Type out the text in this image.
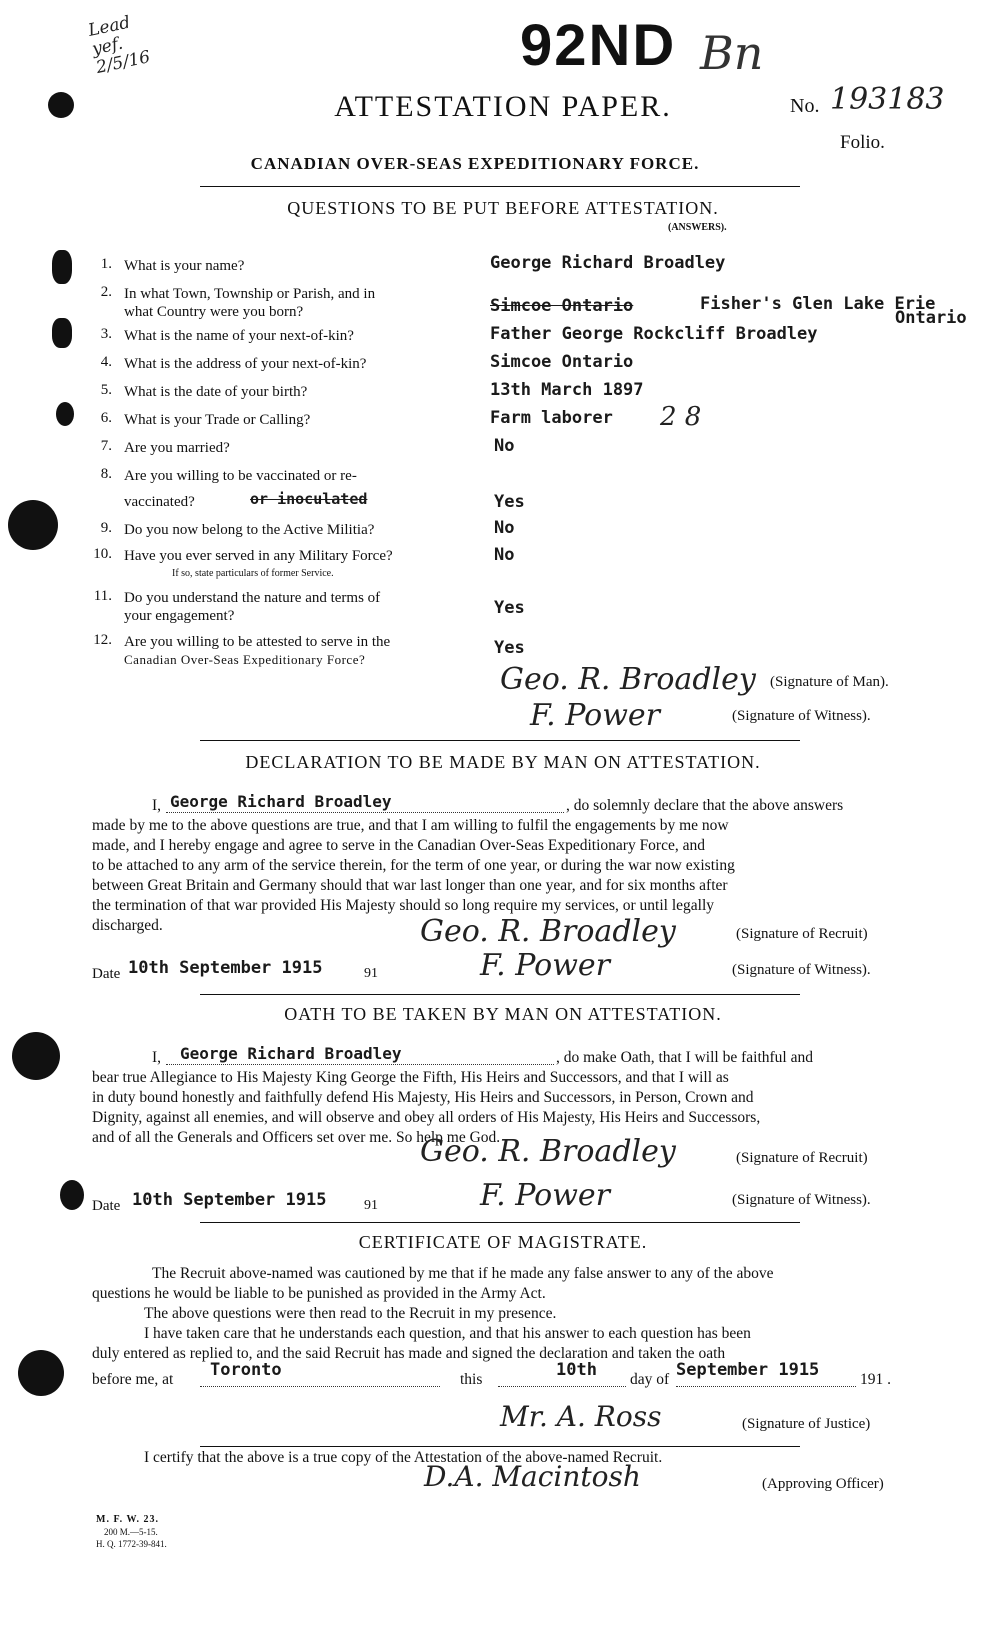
Lead
yef.
2/5/16	92ND Bn
ATTESTATION PAPER.	No. 193183
Folio.
CANADIAN OVER-SEAS EXPEDITIONARY FORCE.
QUESTIONS TO BE PUT BEFORE ATTESTATION.
(ANSWERS).
1. What is your name?	George Richard Broadley
2. In what Town, Township or Parish, and in
what Country were you born?	Simcoe Ontario	Fisher's Glen Lake Erie
Ontario
3. What is the name of your next-of-kin?	Father George Rockcliff Broadley
4. What is the address of your next-of-kin?	Simcoe Ontario
5. What is the date of your birth?	13th March 1897
6. What is your Trade or Calling?	Farm laborer 2 8
7. Are you married?	No
8. Are you willing to be vaccinated or re-
vaccinated?	or inoculated	Yes
9. Do you now belong to the Active Militia?	No
10. Have you ever served in any Military Force?
If so, state particulars of former Service.
No
11. Do you understand the nature and terms of
your engagement?	Yes
12. Are you willing to be attested to serve in the
Canadian Over-Seas Expeditionary Force?
Yes
Geo. R. Broadley (Signature of Man).
F. Power	(Signature of Witness).
DECLARATION TO BE MADE BY MAN ON ATTESTATION.
I, George Richard Broadley	, do solemnly declare that the above answers
made by me to the above questions are true, and that I am willing to fulfil the engagements by me now
made, and I hereby engage and agree to serve in the Canadian Over-Seas Expeditionary Force, and
to be attached to any arm of the service therein, for the term of one year, or during the war now existing
between Great Britain and Germany should that war last longer than one year, and for six months after
the termination of that war provided His Majesty should so long require my services, or until legally
discharged.	Geo. R. Broadley	(Signature of Recruit)
Date 10th September 1915	91	F. Power	(Signature of Witness).
OATH TO BE TAKEN BY MAN ON ATTESTATION.
I, George Richard Broadley	, do make Oath, that I will be faithful and
bear true Allegiance to His Majesty King George the Fifth, His Heirs and Successors, and that I will as
in duty bound honestly and faithfully defend His Majesty, His Heirs and Successors, in Person, Crown and
Dignity, against all enemies, and will observe and obey all orders of His Majesty, His Heirs and Successors,
and of all the Generals and Officers set over me. So help me God.
Geo. R. Broadley	(Signature of Recruit)
Date 10th September 1915	91	F. Power	(Signature of Witness).
CERTIFICATE OF MAGISTRATE.
The Recruit above-named was cautioned by me that if he made any false answer to any of the above
questions he would be liable to be punished as provided in the Army Act.
The above questions were then read to the Recruit in my presence.
I have taken care that he understands each question, and that his answer to each question has been
duly entered as replied to, and the said Recruit has made and signed the declaration and taken the oath
before me, at Toronto	this	10th day of September 1915	191 .
Mr. A. Ross	(Signature of Justice)
I certify that the above is a true copy of the Attestation of the above-named Recruit.
D.A. Macintosh	(Approving Officer)
M. F. W. 23.
200 M.—5-15.
H. Q. 1772-39-841.
